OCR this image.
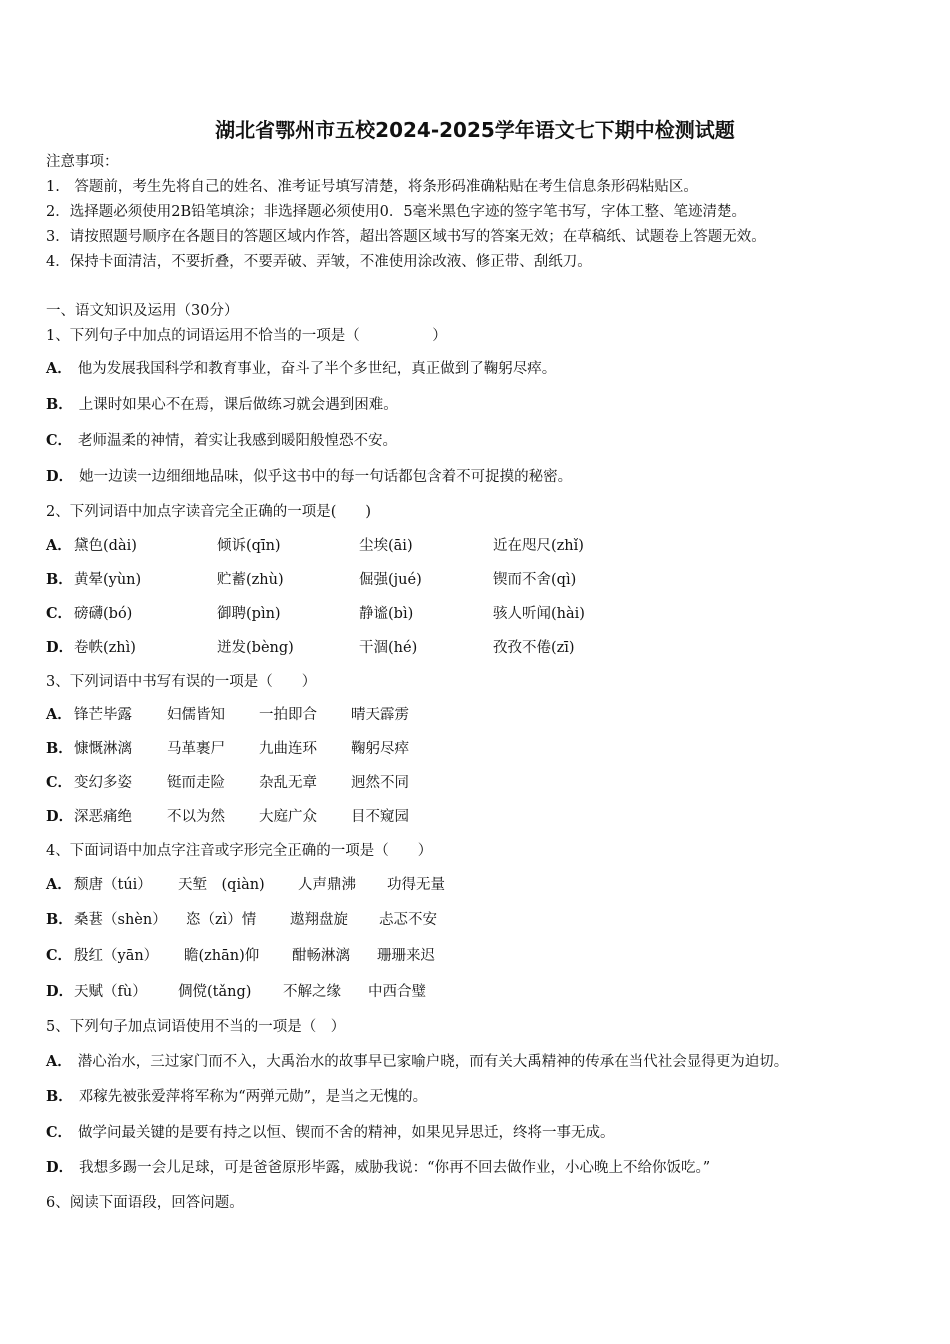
湖北省鄂州市五校2024-2025学年语文七下期中检测试题
注意事项：
1.　答题前，考生先将自己的姓名、准考证号填写清楚，将条形码准确粘贴在考生信息条形码粘贴区。
2．选择题必须使用2B铅笔填涂；非选择题必须使用0．5毫米黑色字迹的签字笔书写，字体工整、笔迹清楚。
3．请按照题号顺序在各题目的答题区域内作答，超出答题区域书写的答案无效；在草稿纸、试题卷上答题无效。
4．保持卡面清洁，不要折叠，不要弄破、弄皱，不准使用涂改液、修正带、刮纸刀。
一、语文知识及运用（30分）
1、下列句子中加点的词语运用不恰当的一项是（　　　　　）
A． 他为发展我国科学和教育事业，奋斗了半个多世纪，真正做到了鞠躬尽瘁。
B． 上课时如果心不在焉，课后做练习就会遇到困难。
C． 老师温柔的神情，着实让我感到暖阳般惶恐不安。
D． 她一边读一边细细地品味，似乎这书中的每一句话都包含着不可捉摸的秘密。
2、下列词语中加点字读音完全正确的一项是(　　)
A． 黛色(dài)	倾诉(qīn)	尘埃(āi)	近在咫尺(zhǐ)
B． 黄晕(yùn)	贮蓄(zhù)	倔强(jué)	锲而不舍(qì)
C． 磅礴(bó)	御聘(pìn)	静谧(bì)	骇人听闻(hài)
D． 卷帙(zhì)	迸发(bèng)	干涸(hé)	孜孜不倦(zī)
3、下列词语中书写有误的一项是（　　）
A． 锋芒毕露 妇儒皆知 一拍即合 晴天霹雳
B． 慷慨淋漓 马革裹尸 九曲连环 鞠躬尽瘁
C． 变幻多姿 铤而走险 杂乱无章 迥然不同
D． 深恶痛绝 不以为然 大庭广众 目不窥园
4、下面词语中加点字注音或字形完全正确的一项是（　　）
A． 颓唐（túi） 天堑　(qiàn) 人声鼎沸 功得无量
B． 桑葚（shèn） 恣（zì）情 遨翔盘旋 忐忑不安
C． 殷红（yān） 瞻(zhān)仰 酣畅淋漓 珊珊来迟
D． 天赋（fù） 倜傥(tǎng) 不解之缘 中西合璧
5、下列句子加点词语使用不当的一项是（　）
A． 潜心治水，三过家门而不入，大禹治水的故事早已家喻户晓，而有关大禹精神的传承在当代社会显得更为迫切。
B． 邓稼先被张爱萍将军称为“两弹元勋”，是当之无愧的。
C． 做学问最关键的是要有持之以恒、锲而不舍的精神，如果见异思迁，终将一事无成。
D． 我想多踢一会儿足球，可是爸爸原形毕露，威胁我说：“你再不回去做作业，小心晚上不给你饭吃。”
6、阅读下面语段，回答问题。
